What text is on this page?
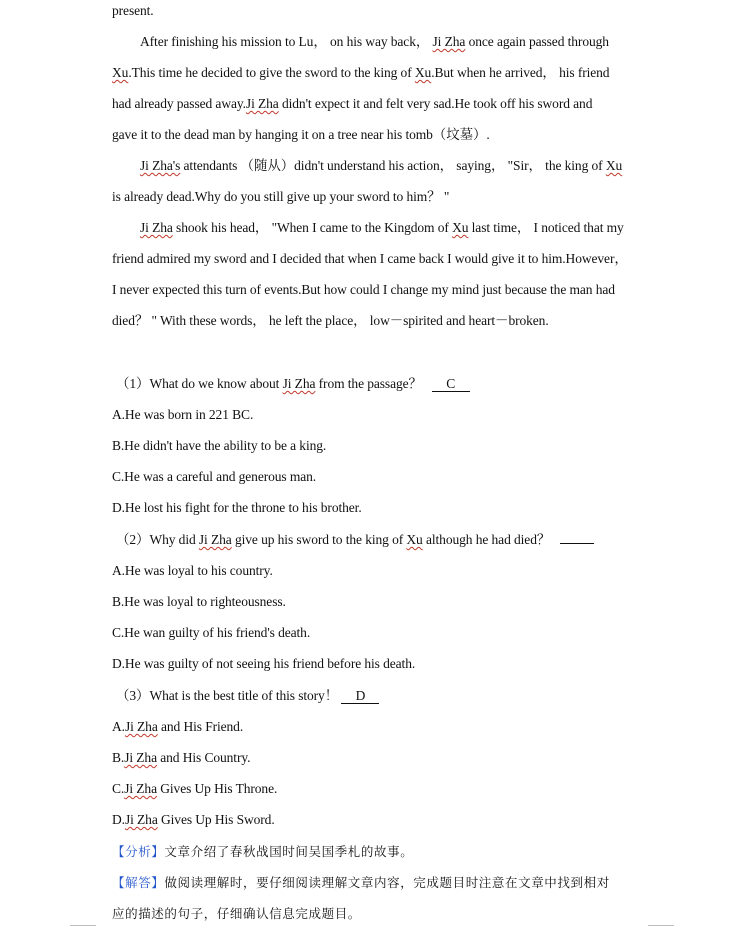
present.
After finishing his mission to Lu， on his way back， Ji Zha once again passed through
Xu.This time he decided to give the sword to the king of Xu.But when he arrived， his friend
had already passed away.Ji Zha didn't expect it and felt very sad.He took off his sword and
gave it to the dead man by hanging it on a tree near his tomb（坟墓）.
Ji Zha's attendants （随从）didn't understand his action， saying， "Sir， the king of Xu
is already dead.Why do you still give up your sword to him？ "
Ji Zha shook his head， "When I came to the Kingdom of Xu last time， I noticed that my
friend admired my sword and I decided that when I came back I would give it to him.However，
I never expected this turn of events.But how could I change my mind just because the man had
died？ " With these words， he left the place， low－spirited and heart－broken.
（1）What do we know about Ji Zha from the passage？ C
A.He was born in 221 BC.
B.He didn't have the ability to be a king.
C.He was a careful and generous man.
D.He lost his fight for the throne to his brother.
（2）Why did Ji Zha give up his sword to the king of Xu although he had died？
A.He was loyal to his country.
B.He was loyal to righteousness.
C.He wan guilty of his friend's death.
D.He was guilty of not seeing his friend before his death.
（3）What is the best title of this story！ D
A.Ji Zha and His Friend.
B.Ji Zha and His Country.
C.Ji Zha Gives Up His Throne.
D.Ji Zha Gives Up His Sword.
【分析】文章介绍了春秋战国时间吴国季札的故事。
【解答】做阅读理解时，要仔细阅读理解文章内容，完成题目时注意在文章中找到相对
应的描述的句子，仔细确认信息完成题目。
